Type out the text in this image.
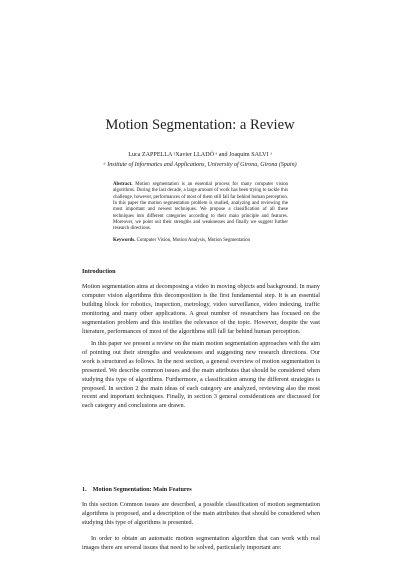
Motion Segmentation: a Review

Luca ZAPPELLA ᵃXavier LLADÓ ᵃ and Joaquim SALVI ᵃ

ᵃ Institute of Informatics and Applications, University of Girona, Girona (Spain)

Abstract. Motion segmentation is an essential process for many computer vision algorithms. During the last decade, a large amount of work has been trying to tackle this challenge, however, performances of most of them still fall far behind human perception. In this paper the motion segmentation problem is studied, analyzing and reviewing the most important and newest techniques. We propose a classification of all these techniques into different categories according to their main principle and features. Moreover, we point out their strengths and weaknesses and finally we suggest further research directions.

Keywords. Computer Vision, Motion Analysis, Motion Segmentation

Introduction

Motion segmentation aims at decomposing a video in moving objects and background. In many computer vision algorithms this decomposition is the first fundamental step. It is an essential building block for robotics, inspection, metrology, video surveillance, video indexing, traffic monitoring and many other applications. A great number of researchers has focused on the segmentation problem and this testifies the relevance of the topic. However, despite the vast literature, performances of most of the algorithms still fall far behind human perception.

In this paper we present a review on the main motion segmentation approaches with the aim of pointing out their strengths and weaknesses and suggesting new research directions. Our work is structured as follows. In the next section, a general overview of motion segmentation is presented. We describe common issues and the main attributes that should be considered when studying this type of algorithms. Furthermore, a classification among the different strategies is proposed. In section 2 the main ideas of each category are analyzed, reviewing also the most recent and important techniques. Finally, in section 3 general considerations are discussed for each category and conclusions are drawn.

1. Motion Segmentation: Main Features

In this section Common issues are described, a possible classification of motion segmentation algorithms is proposed, and a description of the main attributes that should be considered when studying this type of algorithms is presented.

In order to obtain an automatic motion segmentation algorithm that can work with real images there are several issues that need to be solved, particularly important are:
